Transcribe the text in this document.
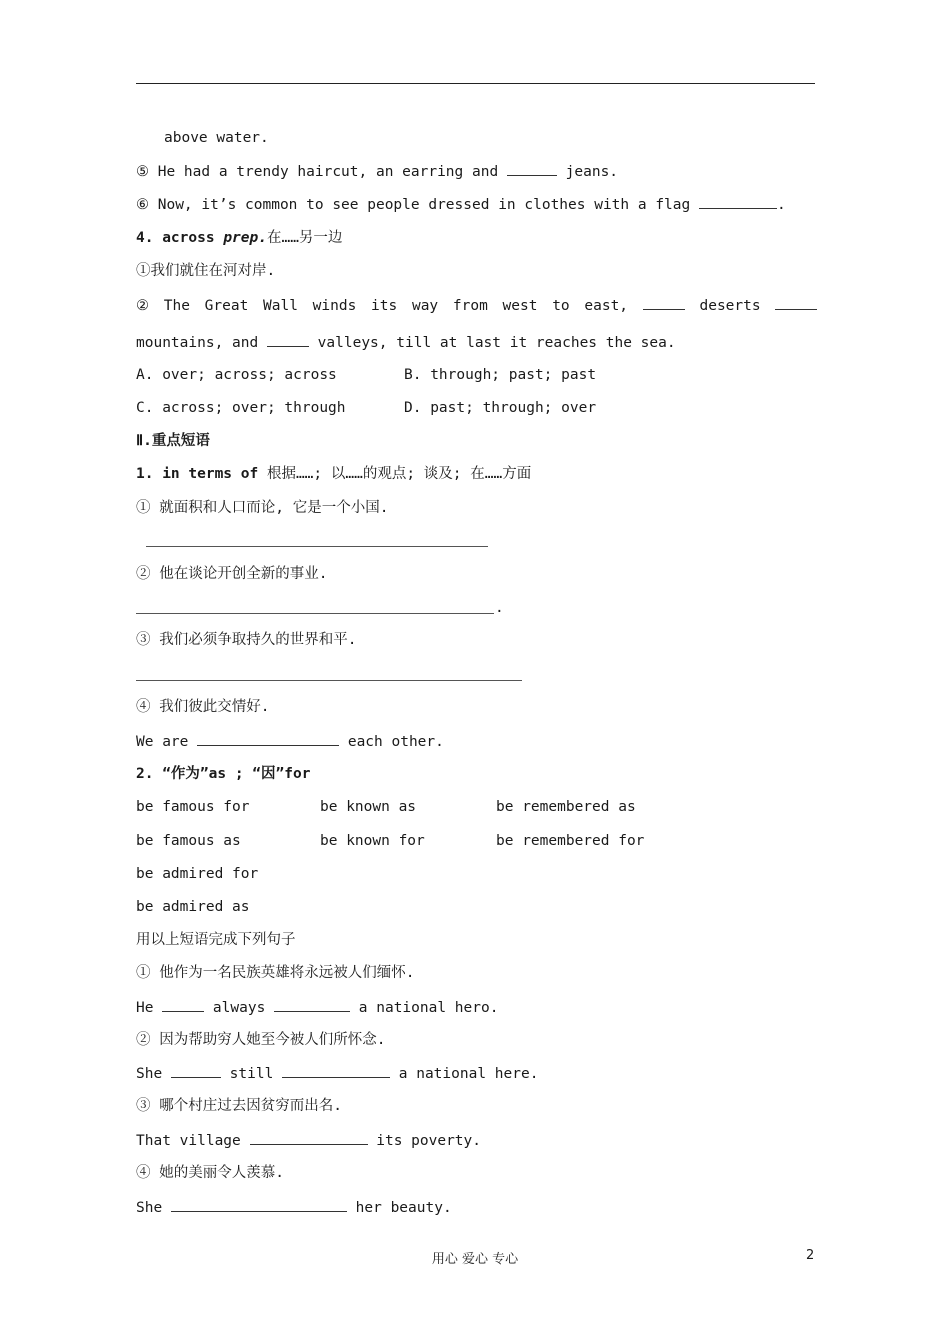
above water.
⑤ He had a trendy haircut, an earring and	jeans.
⑥ Now, it’s common to see people dressed in clothes with a flag	.
4. across prep.在……另一边
①我们就住在河对岸.
② The Great Wall winds its way from west to east,	deserts
mountains, and	valleys, till at last it reaches the sea.
A. over; across; across	B. through; past; past
C. across; over; through	D. past; through; over
Ⅱ.重点短语
1. in terms of 根据……; 以……的观点; 谈及; 在……方面
① 就面积和人口而论, 它是一个小国.
② 他在谈论开创全新的事业.
.
③ 我们必须争取持久的世界和平.
④ 我们彼此交情好.
We are	each other.
2. “作为”as ; “因”for
be famous for	be known as	be remembered as
be famous as	be known for	be remembered for
be admired for
be admired as
用以上短语完成下列句子
① 他作为一名民族英雄将永远被人们缅怀.
He	always	a national hero.
② 因为帮助穷人她至今被人们所怀念.
She	still	a national here.
③ 哪个村庄过去因贫穷而出名.
That village	its poverty.
④ 她的美丽令人羡慕.
She	her beauty.
用心 爱心 专心	2
